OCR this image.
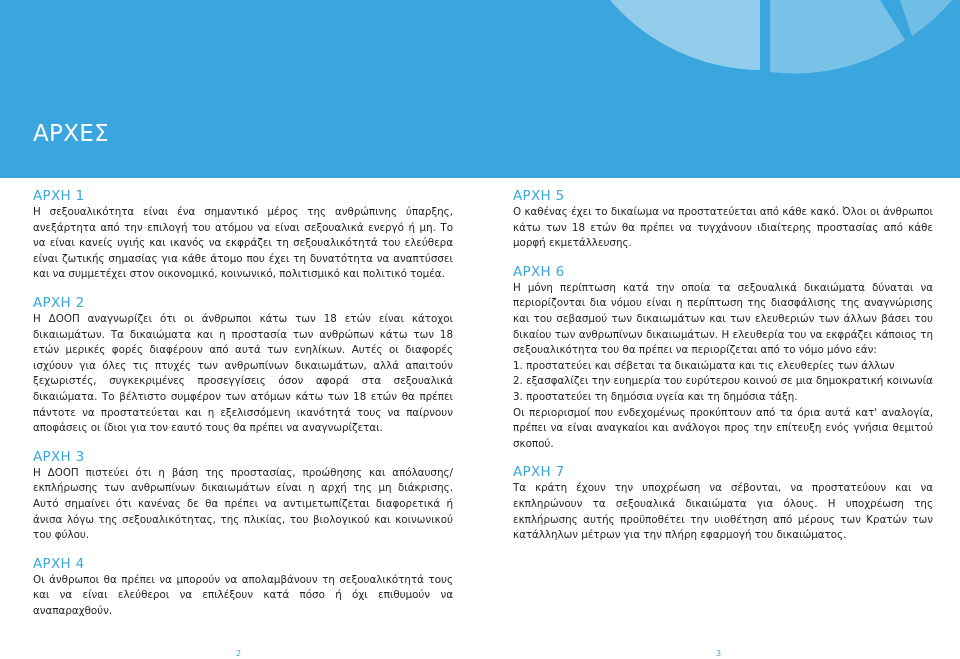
ΑΡΧΕΣ
ΑΡΧΗ 1

Η σεξουαλικότητα είναι ένα σημαντικό μέρος της ανθρώπινης ύπαρξης, ανεξάρτητα από την επιλογή του ατόμου να είναι σεξουαλικά ενεργό ή μη. Το να είναι κανείς υγιής και ικανός να εκφράζει τη σεξουαλικότητά του ελεύθερα είναι ζωτικής σημασίας για κάθε άτομο που έχει τη δυνατότητα να αναπτύσσει και να συμμετέχει στον οικονομικό, κοινωνικό, πολιτισμικό και πολιτικό τομέα.

ΑΡΧΗ 2

Η ΔΟΟΠ αναγνωρίζει ότι οι άνθρωποι κάτω των 18 ετών είναι κάτοχοι δικαιωμάτων. Τα δικαιώματα και η προστασία των ανθρώπων κάτω των 18 ετών μερικές φορές διαφέρουν από αυτά των ενηλίκων. Αυτές οι διαφορές ισχύουν για όλες τις πτυχές των ανθρωπίνων δικαιωμάτων, αλλά απαιτούν ξεχωριστές, συγκεκριμένες προσεγγίσεις όσον αφορά στα σεξουαλικά δικαιώματα. Το βέλτιστο συμφέρον των ατόμων κάτω των 18 ετών θα πρέπει πάντοτε να προστατεύεται και η εξελισσόμενη ικανότητά τους να παίρνουν αποφάσεις οι ίδιοι για τον εαυτό τους θα πρέπει να αναγνωρίζεται.

ΑΡΧΗ 3

Η ΔΟΟΠ πιστεύει ότι η βάση της προστασίας, προώθησης και απόλαυσης/εκπλήρωσης των ανθρωπίνων δικαιωμάτων είναι η αρχή της μη διάκρισης. Αυτό σημαίνει ότι κανένας δε θα πρέπει να αντιμετωπίζεται διαφορετικά ή άνισα λόγω της σεξουαλικότητας, της πλικίας, του βιολογικού και κοινωνικού του φύλου.

ΑΡΧΗ 4

Οι άνθρωποι θα πρέπει να μπορούν να απολαμβάνουν τη σεξουαλικότητά τους και να είναι ελεύθεροι να επιλέξουν κατά πόσο ή όχι επιθυμούν να αναπαραχθούν.

ΑΡΧΗ 5

Ο καθένας έχει το δικαίωμα να προστατεύεται από κάθε κακό. Όλοι οι άνθρωποι κάτω των 18 ετών θα πρέπει να τυγχάνουν ιδιαίτερης προστασίας από κάθε μορφή εκμετάλλευσης.

ΑΡΧΗ 6

Η μόνη περίπτωση κατά την οποία τα σεξουαλικά δικαιώματα δύναται να περιορίζονται δια νόμου είναι η περίπτωση της διασφάλισης της αναγνώρισης και του σεβασμού των δικαιωμάτων και των ελευθεριών των άλλων βάσει του δικαίου των ανθρωπίνων δικαιωμάτων. Η ελευθερία του να εκφράζει κάποιος τη σεξουαλικότητα του θα πρέπει να περιορίζεται από το νόμο μόνο εάν:

1. προστατεύει και σέβεται τα δικαιώματα και τις ελευθερίες των άλλων

2. εξασφαλίζει την ευημερία του ευρύτερου κοινού σε μια δημοκρατική κοινωνία

3. προστατεύει τη δημόσια υγεία και τη δημόσια τάξη.

Οι περιορισμοί που ενδεχομένως προκύπτουν από τα όρια αυτά κατ' αναλογία, πρέπει να είναι αναγκαίοι και ανάλογοι προς την επίτευξη ενός γνήσια θεμιτού σκοπού.

ΑΡΧΗ 7

Τα κράτη έχουν την υποχρέωση να σέβονται, να προστατεύουν και να εκπληρώνουν τα σεξουαλικά δικαιώματα για όλους. Η υποχρέωση της εκπλήρωσης αυτής προϋποθέτει την υιοθέτηση από μέρους των Κρατών των κατάλληλων μέτρων για την πλήρη εφαρμογή του δικαιώματος.

2	3
